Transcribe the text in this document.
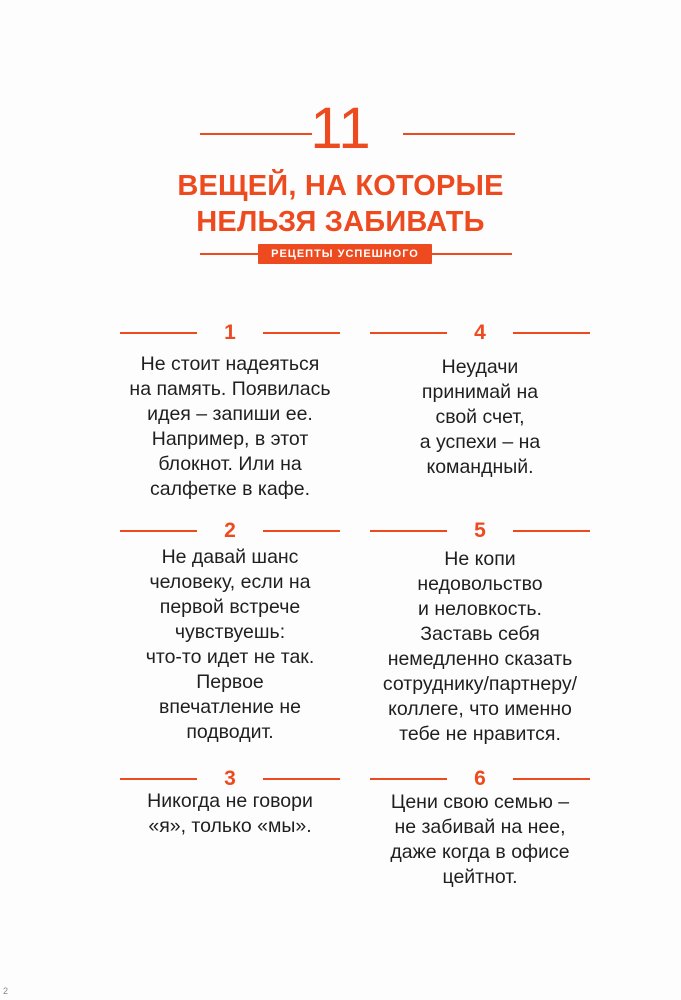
11
ВЕЩЕЙ, НА КОТОРЫЕ
НЕЛЬЗЯ ЗАБИВАТЬ
РЕЦЕПТЫ УСПЕШНОГО
1
Не стоит надеяться
на память. Появилась
идея – запиши ее.
Например, в этот
блокнот. Или на
салфетке в кафе.
2
Не давай шанс
человеку, если на
первой встрече
чувствуешь:
что-то идет не так.
Первое
впечатление не
подводит.
3
Никогда не говори
«я», только «мы».
4
Неудачи
принимай на
свой счет,
а успехи – на
командный.
5
Не копи
недовольство
и неловкость.
Заставь себя
немедленно сказать
сотруднику/партнеру/
коллеге, что именно
тебе не нравится.
6
Цени свою семью –
не забивай на нее,
даже когда в офисе
цейтнот.
2
